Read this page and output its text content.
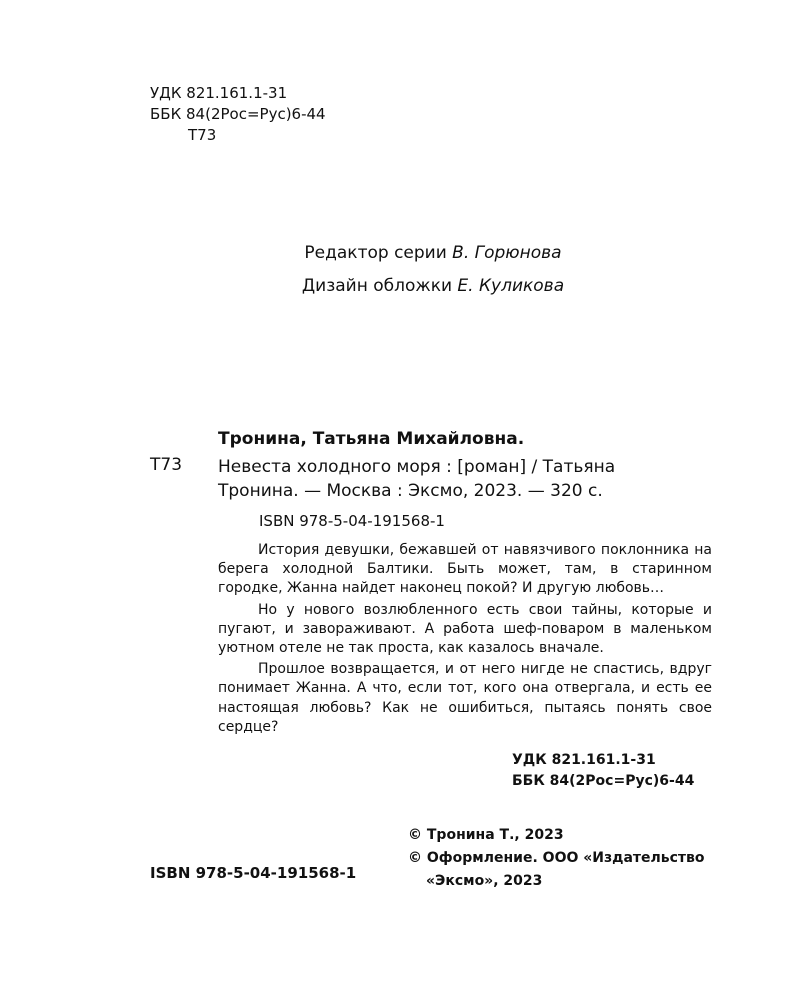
УДК 821.161.1-31
ББК 84(2Рос=Рус)6-44
Т73
Редактор серии В. Горюнова
Дизайн обложки Е. Куликова
Тронина, Татьяна Михайловна.
Т73 Невеста холодного моря : [роман] / Татьяна
Тронина. — Москва : Эксмо, 2023. — 320 с.
ISBN 978-5-04-191568-1

История девушки, бежавшей от навязчивого поклонника на берега холодной Балтики. Быть может, там, в старинном городке, Жанна найдет наконец покой? И другую любовь…

Но у нового возлюбленного есть свои тайны, которые и пугают, и завораживают. А работа шеф-поваром в маленьком уютном отеле не так проста, как казалось вначале.

Прошлое возвращается, и от него нигде не спастись, вдруг понимает Жанна. А что, если тот, кого она отвергала, и есть ее настоящая любовь? Как не ошибиться, пытаясь понять свое сердце?

УДК 821.161.1-31
ББК 84(2Рос=Рус)6-44
© Тронина Т., 2023
© Оформление. ООО «Издательство
«Эксмо», 2023
ISBN 978-5-04-191568-1
